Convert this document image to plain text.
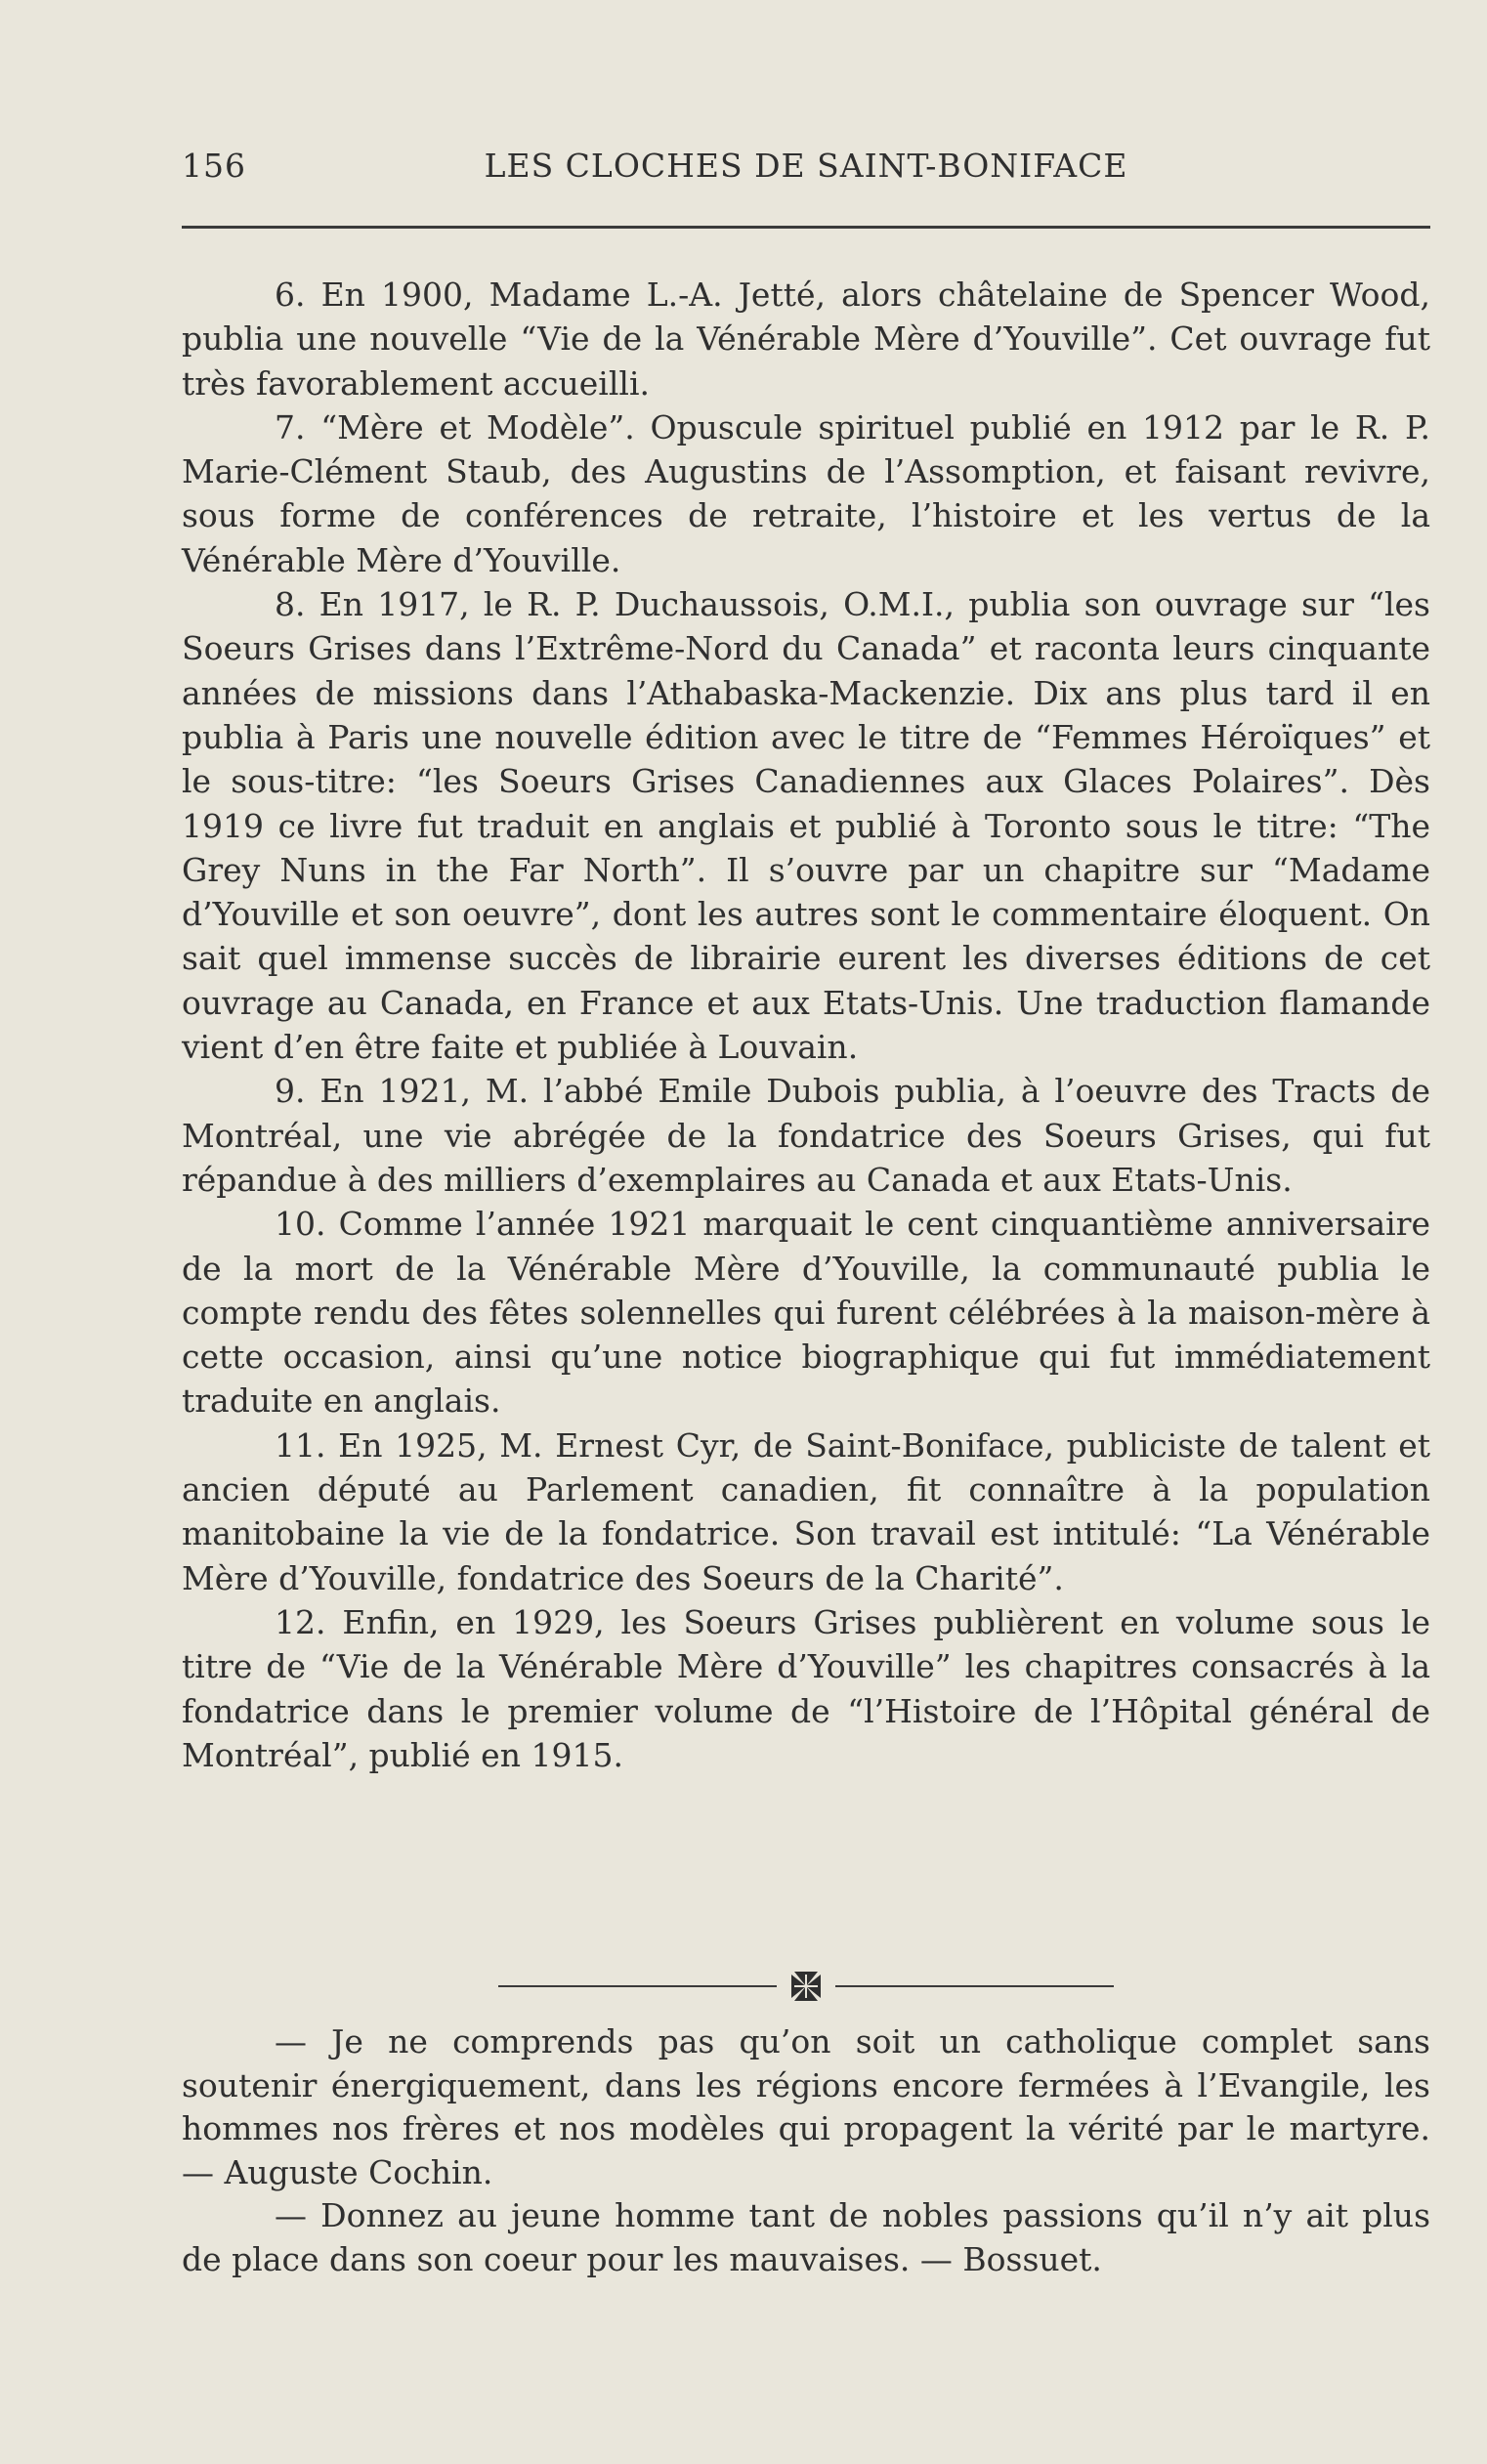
156	LES CLOCHES DE SAINT-BONIFACE

6. En 1900, Madame L.-A. Jetté, alors châtelaine de Spencer Wood, publia une nouvelle “Vie de la Vénérable Mère d’Youville”. Cet ouvrage fut très favorablement accueilli.

7. “Mère et Modèle”. Opuscule spirituel publié en 1912 par le R. P. Marie-Clément Staub, des Augustins de l’Assomption, et faisant revivre, sous forme de conférences de retraite, l’histoire et les vertus de la Vénérable Mère d’Youville.

8. En 1917, le R. P. Duchaussois, O.M.I., publia son ouvrage sur “les Soeurs Grises dans l’Extrême-Nord du Canada” et raconta leurs cinquante années de missions dans l’Athabaska-Mackenzie. Dix ans plus tard il en publia à Paris une nouvelle édition avec le titre de “Femmes Héroïques” et le sous-titre: “les Soeurs Grises Canadiennes aux Glaces Polaires”. Dès 1919 ce livre fut traduit en anglais et publié à Toronto sous le titre: “The Grey Nuns in the Far North”. Il s’ouvre par un chapitre sur “Madame d’Youville et son oeuvre”, dont les autres sont le commentaire éloquent. On sait quel immense succès de librairie eurent les diverses éditions de cet ouvrage au Canada, en France et aux Etats-Unis. Une traduction flamande vient d’en être faite et publiée à Louvain.

9. En 1921, M. l’abbé Emile Dubois publia, à l’oeuvre des Tracts de Montréal, une vie abrégée de la fondatrice des Soeurs Grises, qui fut répandue à des milliers d’exemplaires au Canada et aux Etats-Unis.

10. Comme l’année 1921 marquait le cent cinquantième anniversaire de la mort de la Vénérable Mère d’Youville, la communauté publia le compte rendu des fêtes solennelles qui furent célébrées à la maison-mère à cette occasion, ainsi qu’une notice biographique qui fut immédiatement traduite en anglais.

11. En 1925, M. Ernest Cyr, de Saint-Boniface, publiciste de talent et ancien député au Parlement canadien, fit connaître à la population manitobaine la vie de la fondatrice. Son travail est intitulé: “La Vénérable Mère d’Youville, fondatrice des Soeurs de la Charité”.

12. Enfin, en 1929, les Soeurs Grises publièrent en volume sous le titre de “Vie de la Vénérable Mère d’Youville” les chapitres consacrés à la fondatrice dans le premier volume de “l’Histoire de l’Hôpital général de Montréal”, publié en 1915.

— Je ne comprends pas qu’on soit un catholique complet sans soutenir énergiquement, dans les régions encore fermées à l’Evangile, les hommes nos frères et nos modèles qui propagent la vérité par le martyre. — Auguste Cochin.

— Donnez au jeune homme tant de nobles passions qu’il n’y ait plus de place dans son coeur pour les mauvaises. — Bossuet.
